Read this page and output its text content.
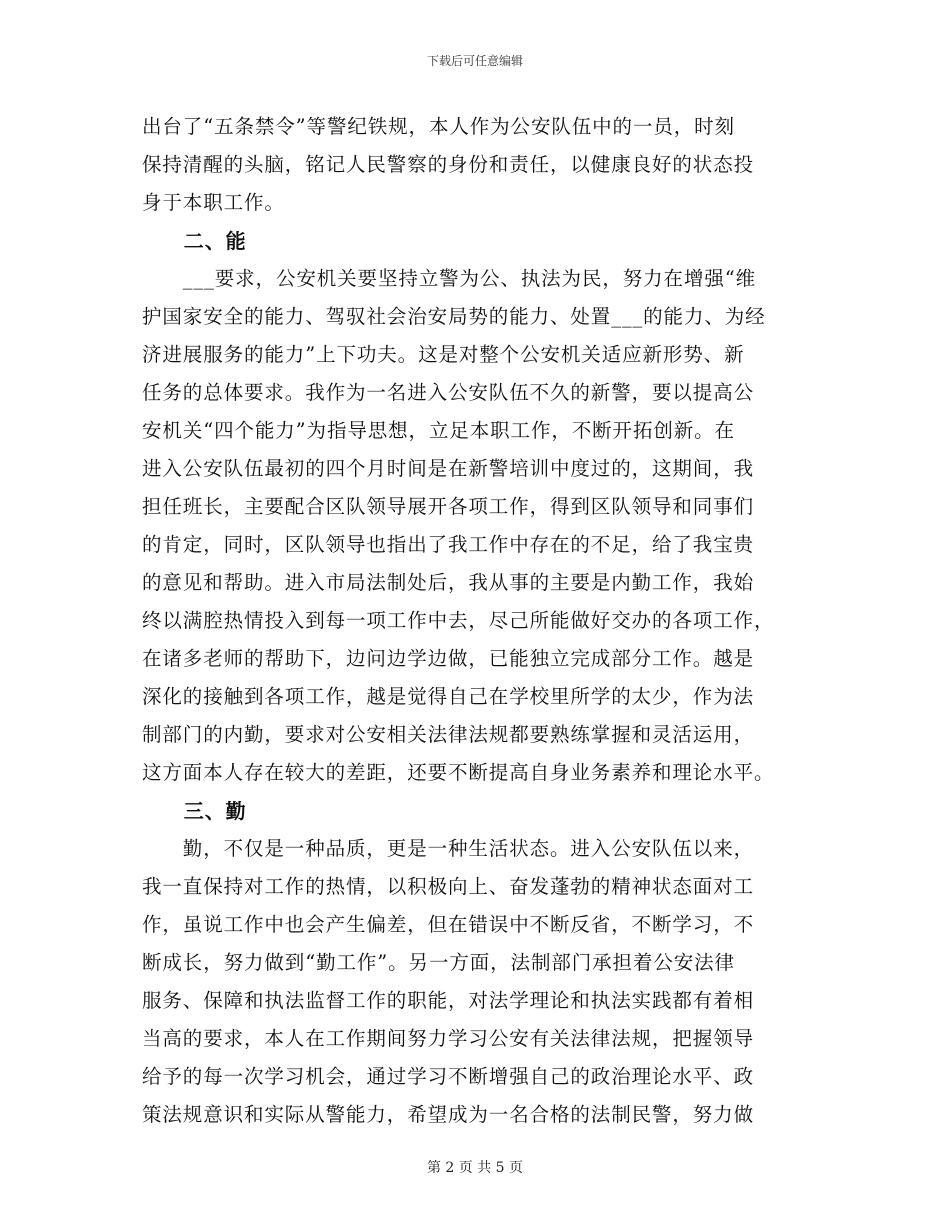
下载后可任意编辑
出台了“五条禁令”等警纪铁规，本人作为公安队伍中的一员，时刻
保持清醒的头脑，铭记人民警察的身份和责任，以健康良好的状态投
身于本职工作。
　　二、能
　　___要求，公安机关要坚持立警为公、执法为民，努力在增强“维
护国家安全的能力、驾驭社会治安局势的能力、处置___的能力、为经
济进展服务的能力”上下功夫。这是对整个公安机关适应新形势、新
任务的总体要求。我作为一名进入公安队伍不久的新警，要以提高公
安机关“四个能力”为指导思想，立足本职工作，不断开拓创新。在
进入公安队伍最初的四个月时间是在新警培训中度过的，这期间，我
担任班长，主要配合区队领导展开各项工作，得到区队领导和同事们
的肯定，同时，区队领导也指出了我工作中存在的不足，给了我宝贵
的意见和帮助。进入市局法制处后，我从事的主要是内勤工作，我始
终以满腔热情投入到每一项工作中去，尽己所能做好交办的各项工作，
在诸多老师的帮助下，边问边学边做，已能独立完成部分工作。越是
深化的接触到各项工作，越是觉得自己在学校里所学的太少，作为法
制部门的内勤，要求对公安相关法律法规都要熟练掌握和灵活运用，
这方面本人存在较大的差距，还要不断提高自身业务素养和理论水平。
　　三、勤
　　勤，不仅是一种品质，更是一种生活状态。进入公安队伍以来，
我一直保持对工作的热情，以积极向上、奋发蓬勃的精神状态面对工
作，虽说工作中也会产生偏差，但在错误中不断反省，不断学习，不
断成长，努力做到“勤工作”。另一方面，法制部门承担着公安法律
服务、保障和执法监督工作的职能，对法学理论和执法实践都有着相
当高的要求，本人在工作期间努力学习公安有关法律法规，把握领导
给予的每一次学习机会，通过学习不断增强自己的政治理论水平、政
策法规意识和实际从警能力，希望成为一名合格的法制民警，努力做
第 2 页 共 5 页
